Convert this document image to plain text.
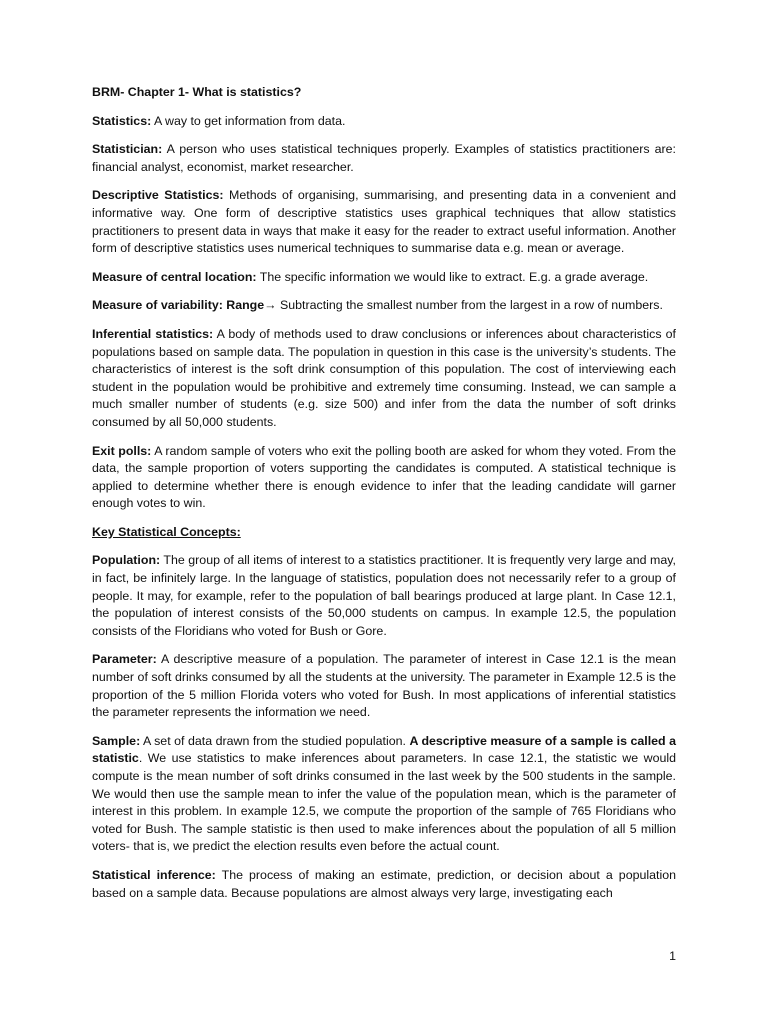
BRM- Chapter 1- What is statistics?

Statistics: A way to get information from data.

Statistician: A person who uses statistical techniques properly. Examples of statistics practitioners are: financial analyst, economist, market researcher.

Descriptive Statistics: Methods of organising, summarising, and presenting data in a convenient and informative way. One form of descriptive statistics uses graphical techniques that allow statistics practitioners to present data in ways that make it easy for the reader to extract useful information. Another form of descriptive statistics uses numerical techniques to summarise data e.g. mean or average.

Measure of central location: The specific information we would like to extract. E.g. a grade average.

Measure of variability: Range→ Subtracting the smallest number from the largest in a row of numbers.

Inferential statistics: A body of methods used to draw conclusions or inferences about characteristics of populations based on sample data. The population in question in this case is the university’s students. The characteristics of interest is the soft drink consumption of this population. The cost of interviewing each student in the population would be prohibitive and extremely time consuming. Instead, we can sample a much smaller number of students (e.g. size 500) and infer from the data the number of soft drinks consumed by all 50,000 students.

Exit polls: A random sample of voters who exit the polling booth are asked for whom they voted. From the data, the sample proportion of voters supporting the candidates is computed. A statistical technique is applied to determine whether there is enough evidence to infer that the leading candidate will garner enough votes to win.

Key Statistical Concepts:

Population: The group of all items of interest to a statistics practitioner. It is frequently very large and may, in fact, be infinitely large. In the language of statistics, population does not necessarily refer to a group of people. It may, for example, refer to the population of ball bearings produced at large plant. In Case 12.1, the population of interest consists of the 50,000 students on campus. In example 12.5, the population consists of the Floridians who voted for Bush or Gore.

Parameter: A descriptive measure of a population. The parameter of interest in Case 12.1 is the mean number of soft drinks consumed by all the students at the university. The parameter in Example 12.5 is the proportion of the 5 million Florida voters who voted for Bush. In most applications of inferential statistics the parameter represents the information we need.

Sample: A set of data drawn from the studied population. A descriptive measure of a sample is called a statistic. We use statistics to make inferences about parameters. In case 12.1, the statistic we would compute is the mean number of soft drinks consumed in the last week by the 500 students in the sample. We would then use the sample mean to infer the value of the population mean, which is the parameter of interest in this problem. In example 12.5, we compute the proportion of the sample of 765 Floridians who voted for Bush. The sample statistic is then used to make inferences about the population of all 5 million voters- that is, we predict the election results even before the actual count.

Statistical inference: The process of making an estimate, prediction, or decision about a population based on a sample data. Because populations are almost always very large, investigating each

1
